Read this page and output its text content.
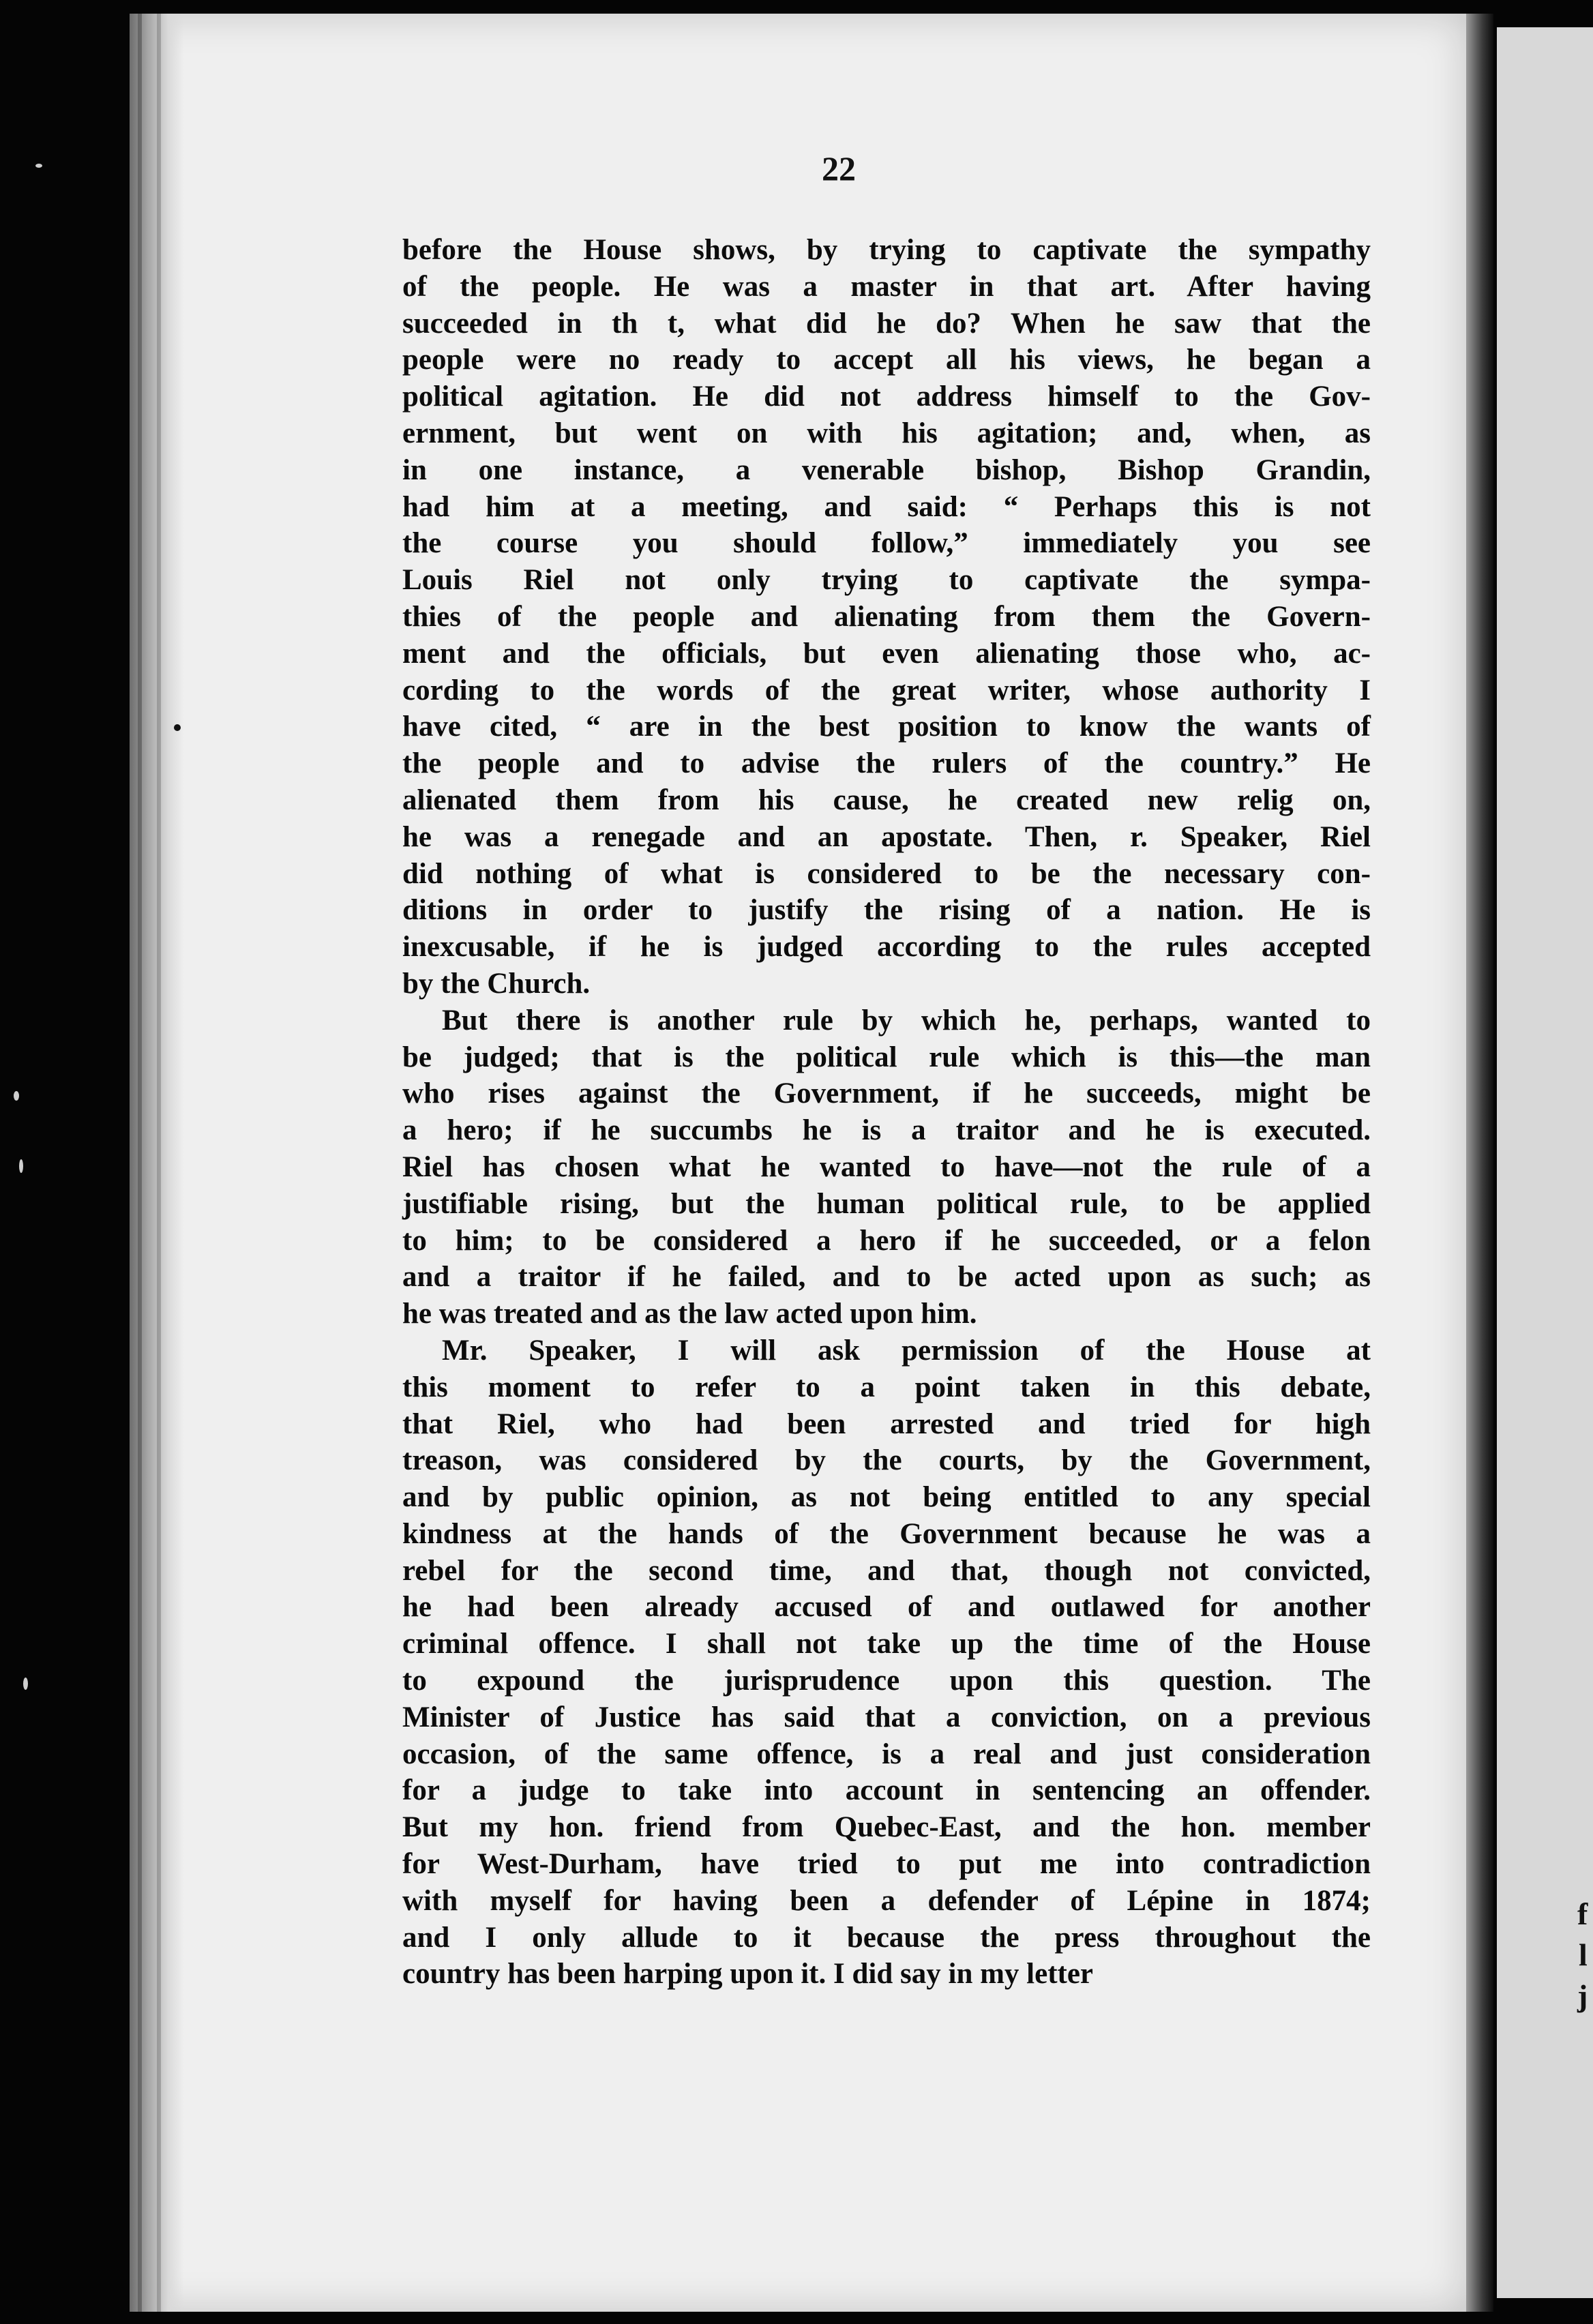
f
l
j
22
before the House shows, by trying to captivate the sympathy
of the people. He was a master in that art. After having
succeeded in th t, what did he do? When he saw that the
people were no ready to accept all his views, he began a
political agitation. He did not address himself to the Gov-
ernment, but went on with his agitation; and, when, as
in one instance, a venerable bishop, Bishop Grandin,
had him at a meeting, and said: “ Perhaps this is not
the course you should follow,” immediately you see
Louis Riel not only trying to captivate the sympa-
thies of the people and alienating from them the Govern-
ment and the officials, but even alienating those who, ac-
cording to the words of the great writer, whose authority I
have cited, “ are in the best position to know the wants of
the people and to advise the rulers of the country.” He
alienated them from his cause, he created new relig on,
he was a renegade and an apostate. Then, r. Speaker, Riel
did nothing of what is considered to be the necessary con-
ditions in order to justify the rising of a nation. He is
inexcusable, if he is judged according to the rules accepted
by the Church.
But there is another rule by which he, perhaps, wanted to
be judged; that is the political rule which is this—the man
who rises against the Government, if he succeeds, might be
a hero; if he succumbs he is a traitor and he is executed.
Riel has chosen what he wanted to have—not the rule of a
justifiable rising, but the human political rule, to be applied
to him; to be considered a hero if he succeeded, or a felon
and a traitor if he failed, and to be acted upon as such; as
he was treated and as the law acted upon him.
Mr. Speaker, I will ask permission of the House at
this moment to refer to a point taken in this debate,
that Riel, who had been arrested and tried for high
treason, was considered by the courts, by the Government,
and by public opinion, as not being entitled to any special
kindness at the hands of the Government because he was a
rebel for the second time, and that, though not convicted,
he had been already accused of and outlawed for another
criminal offence. I shall not take up the time of the House
to expound the jurisprudence upon this question. The
Minister of Justice has said that a conviction, on a previous
occasion, of the same offence, is a real and just consideration
for a judge to take into account in sentencing an offender.
But my hon. friend from Quebec-East, and the hon. member
for West-Durham, have tried to put me into contradiction
with myself for having been a defender of Lépine in 1874;
and I only allude to it because the press throughout the
country has been harping upon it. I did say in my letter
